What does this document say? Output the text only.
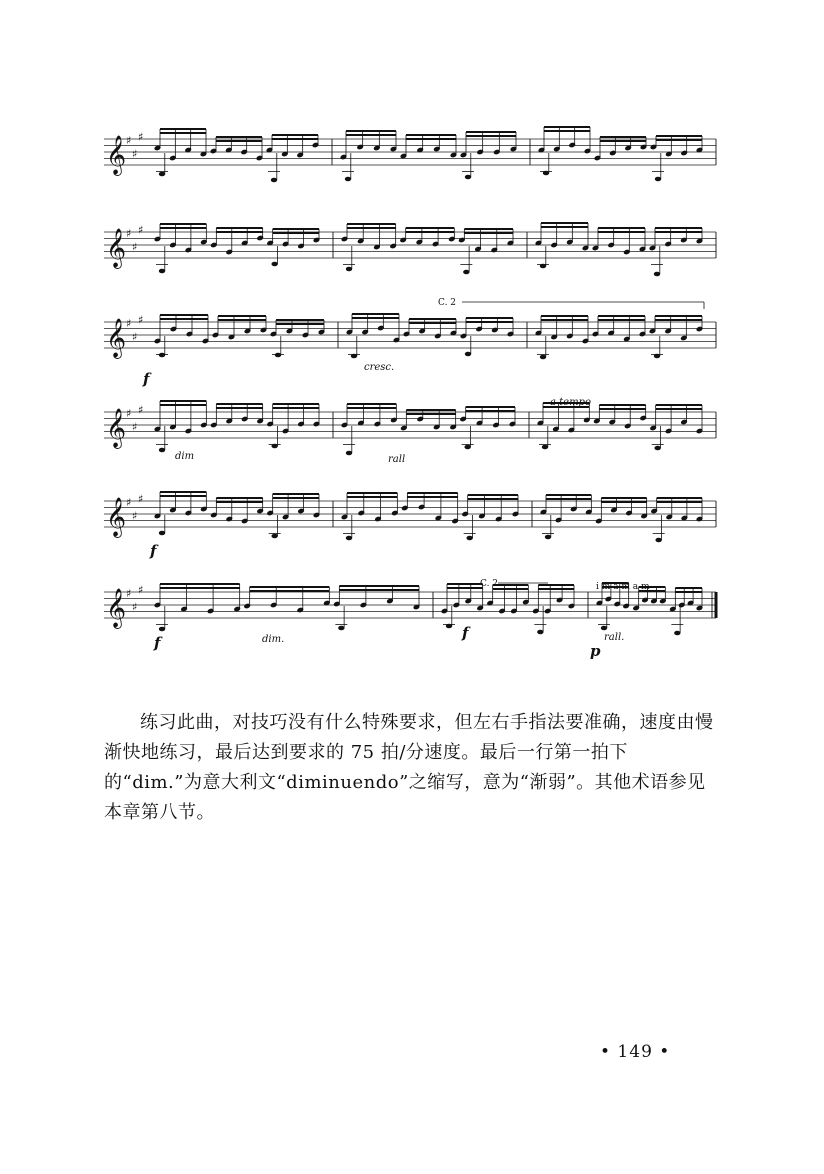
𝄞 ♯
♯
♯
𝄞 ♯
♯
♯
𝄞 ♯
♯
♯
𝄞 ♯
♯
♯
𝄞 ♯
♯
♯
𝄞 ♯
♯
♯
C. 2
cresc.
f
dim	rall
a tempo
f
f	dim.
C. 2
f	rall.
p
i m a m a m
练习此曲，对技巧没有什么特殊要求，但左右手指法要准确，速度由慢渐快地练习，最后达到要求的 75 拍/分速度。最后一行第一拍下的“dim.”为意大利文“diminuendo”之缩写，意为“渐弱”。其他术语参见本章第八节。
• 149 •
